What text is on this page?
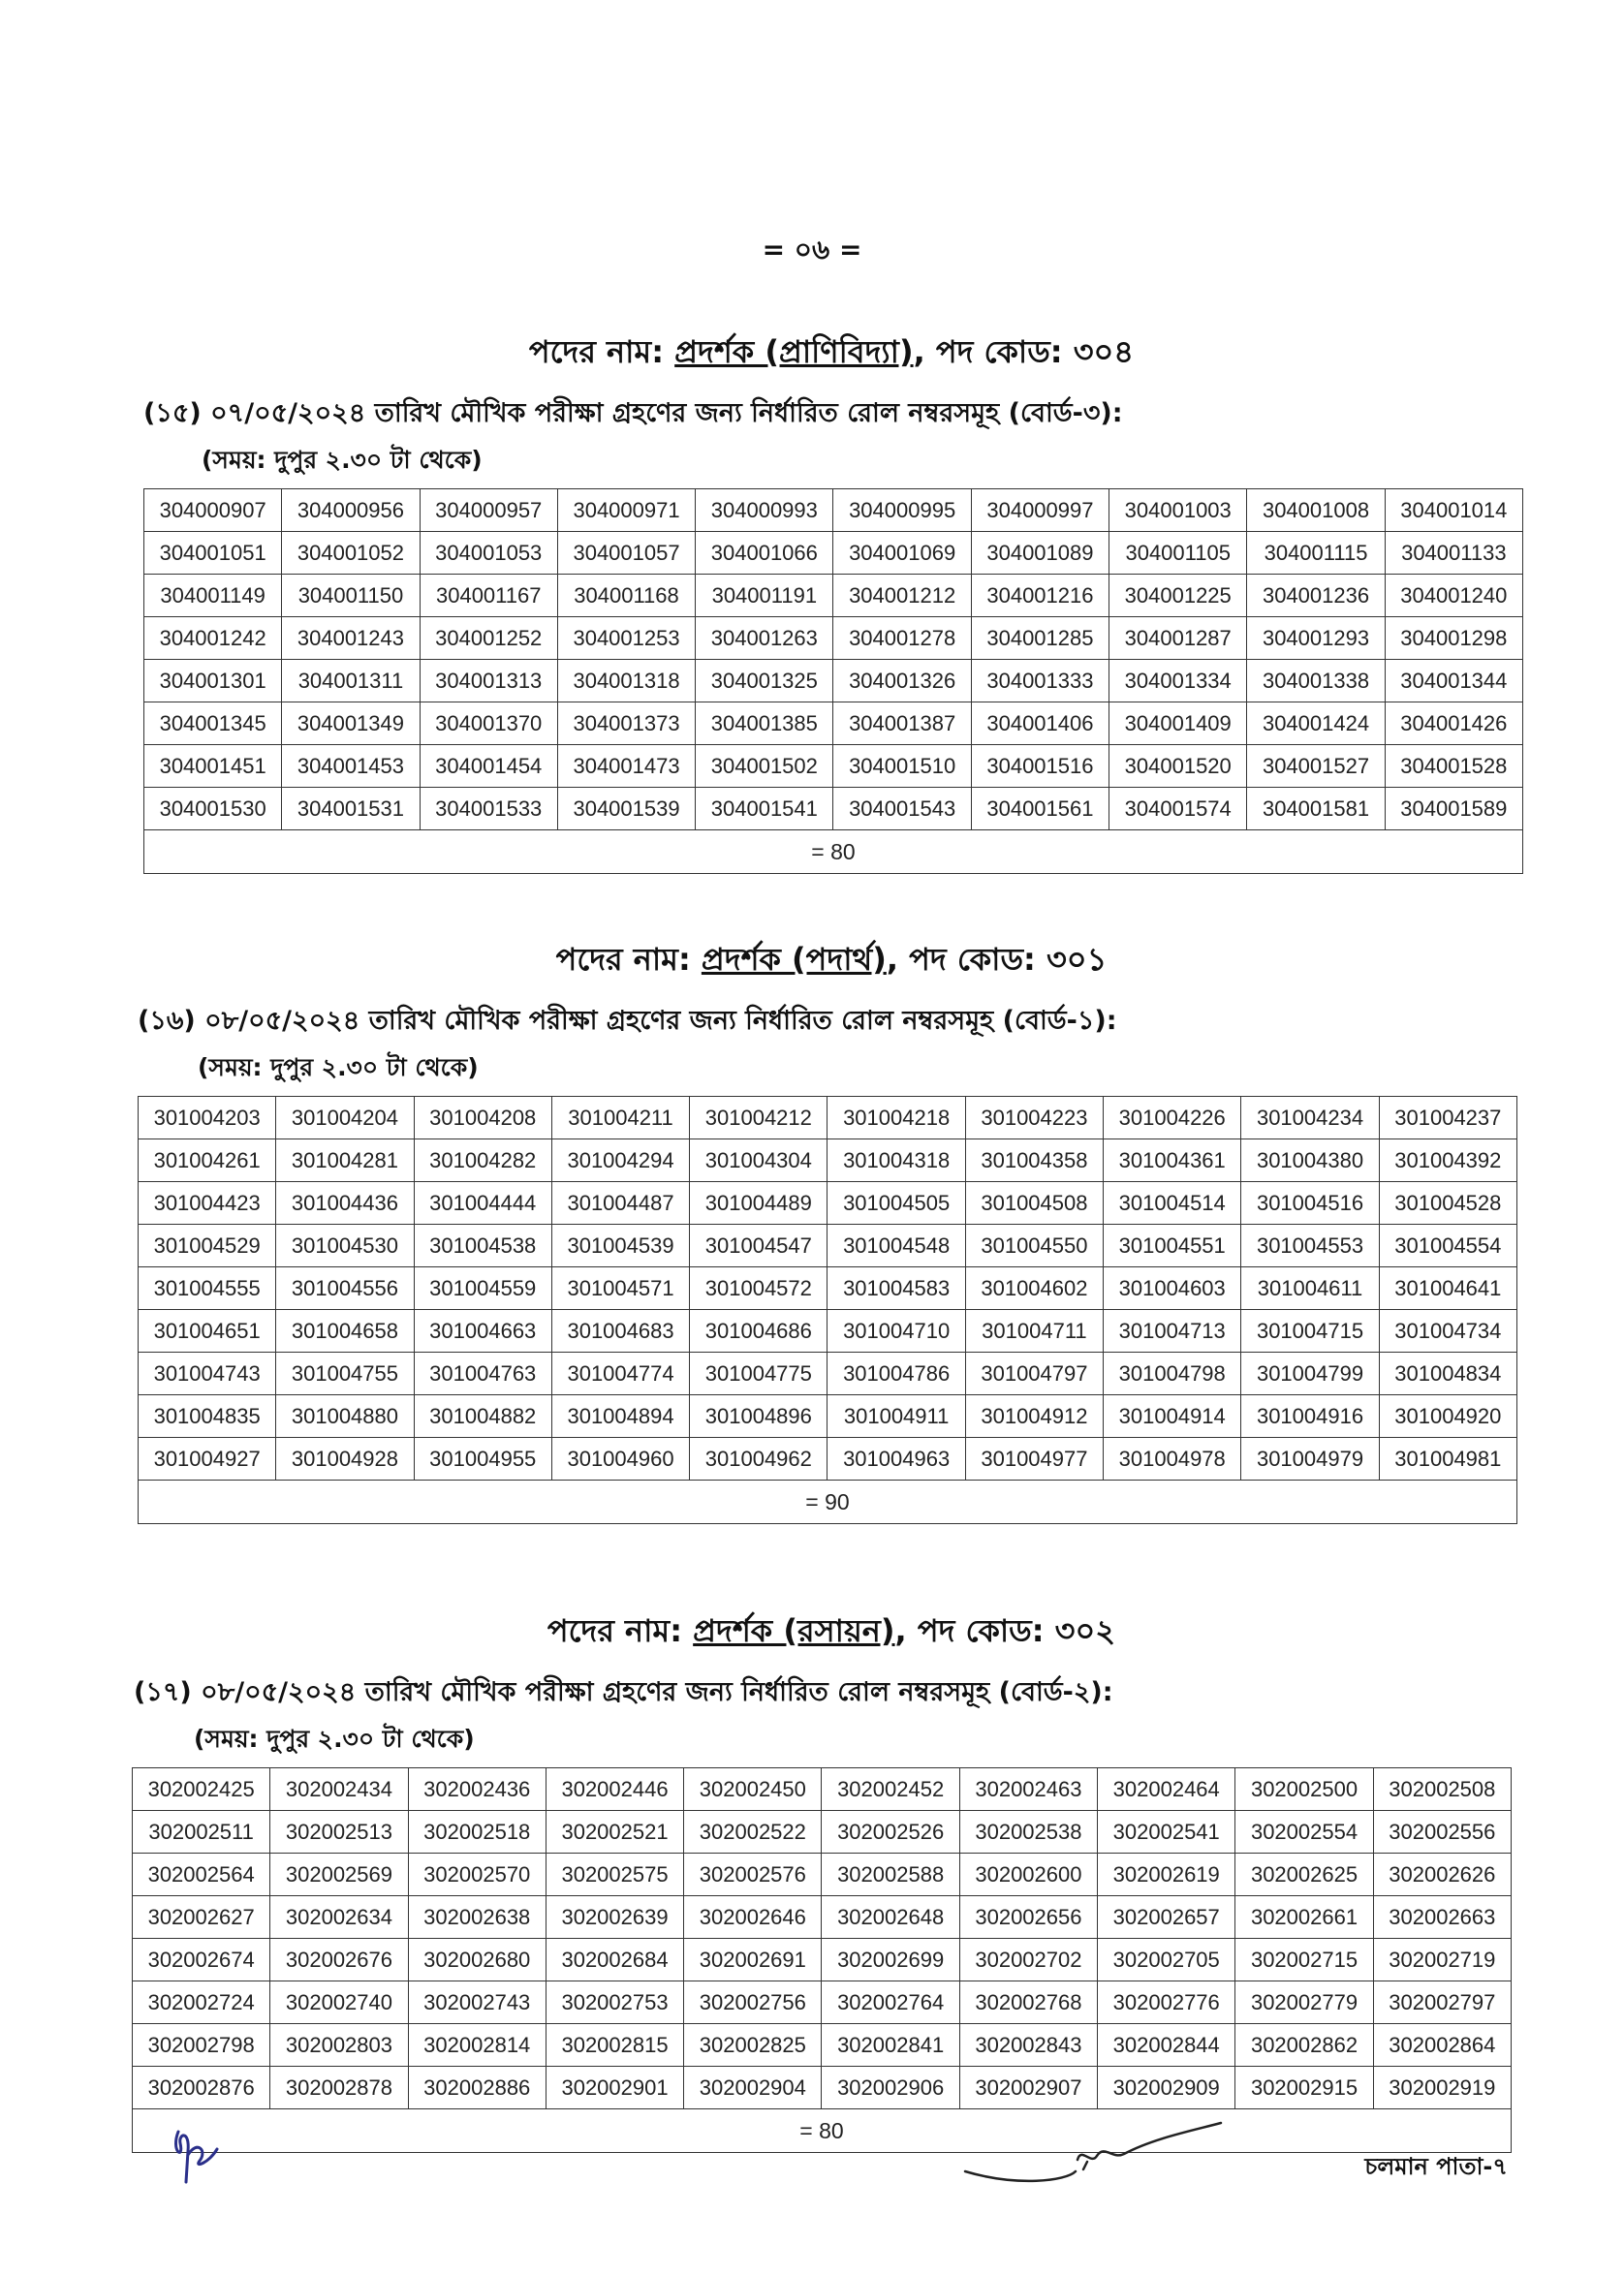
= ০৬ =
পদের নাম: প্রদর্শক (প্রাণিবিদ্যা), পদ কোড: ৩০৪

(১৫) ০৭/০৫/২০২৪ তারিখ মৌখিক পরীক্ষা গ্রহণের জন্য নির্ধারিত রোল নম্বরসমূহ (বোর্ড-৩):

(সময়: দুপুর ২.৩০ টা থেকে)

304000907	304000956	304000957	304000971	304000993	304000995	304000997	304001003	304001008	304001014
304001051	304001052	304001053	304001057	304001066	304001069	304001089	304001105	304001115	304001133
304001149	304001150	304001167	304001168	304001191	304001212	304001216	304001225	304001236	304001240
304001242	304001243	304001252	304001253	304001263	304001278	304001285	304001287	304001293	304001298
304001301	304001311	304001313	304001318	304001325	304001326	304001333	304001334	304001338	304001344
304001345	304001349	304001370	304001373	304001385	304001387	304001406	304001409	304001424	304001426
304001451	304001453	304001454	304001473	304001502	304001510	304001516	304001520	304001527	304001528
304001530	304001531	304001533	304001539	304001541	304001543	304001561	304001574	304001581	304001589
= 80									
পদের নাম: প্রদর্শক (পদার্থ), পদ কোড: ৩০১

(১৬) ০৮/০৫/২০২৪ তারিখ মৌখিক পরীক্ষা গ্রহণের জন্য নির্ধারিত রোল নম্বরসমূহ (বোর্ড-১):

(সময়: দুপুর ২.৩০ টা থেকে)

301004203	301004204	301004208	301004211	301004212	301004218	301004223	301004226	301004234	301004237
301004261	301004281	301004282	301004294	301004304	301004318	301004358	301004361	301004380	301004392
301004423	301004436	301004444	301004487	301004489	301004505	301004508	301004514	301004516	301004528
301004529	301004530	301004538	301004539	301004547	301004548	301004550	301004551	301004553	301004554
301004555	301004556	301004559	301004571	301004572	301004583	301004602	301004603	301004611	301004641
301004651	301004658	301004663	301004683	301004686	301004710	301004711	301004713	301004715	301004734
301004743	301004755	301004763	301004774	301004775	301004786	301004797	301004798	301004799	301004834
301004835	301004880	301004882	301004894	301004896	301004911	301004912	301004914	301004916	301004920
301004927	301004928	301004955	301004960	301004962	301004963	301004977	301004978	301004979	301004981
= 90									
পদের নাম: প্রদর্শক (রসায়ন), পদ কোড: ৩০২

(১৭) ০৮/০৫/২০২৪ তারিখ মৌখিক পরীক্ষা গ্রহণের জন্য নির্ধারিত রোল নম্বরসমূহ (বোর্ড-২):

(সময়: দুপুর ২.৩০ টা থেকে)

302002425	302002434	302002436	302002446	302002450	302002452	302002463	302002464	302002500	302002508
302002511	302002513	302002518	302002521	302002522	302002526	302002538	302002541	302002554	302002556
302002564	302002569	302002570	302002575	302002576	302002588	302002600	302002619	302002625	302002626
302002627	302002634	302002638	302002639	302002646	302002648	302002656	302002657	302002661	302002663
302002674	302002676	302002680	302002684	302002691	302002699	302002702	302002705	302002715	302002719
302002724	302002740	302002743	302002753	302002756	302002764	302002768	302002776	302002779	302002797
302002798	302002803	302002814	302002815	302002825	302002841	302002843	302002844	302002862	302002864
302002876	302002878	302002886	302002901	302002904	302002906	302002907	302002909	302002915	302002919
= 80									
চলমান পাতা-৭
